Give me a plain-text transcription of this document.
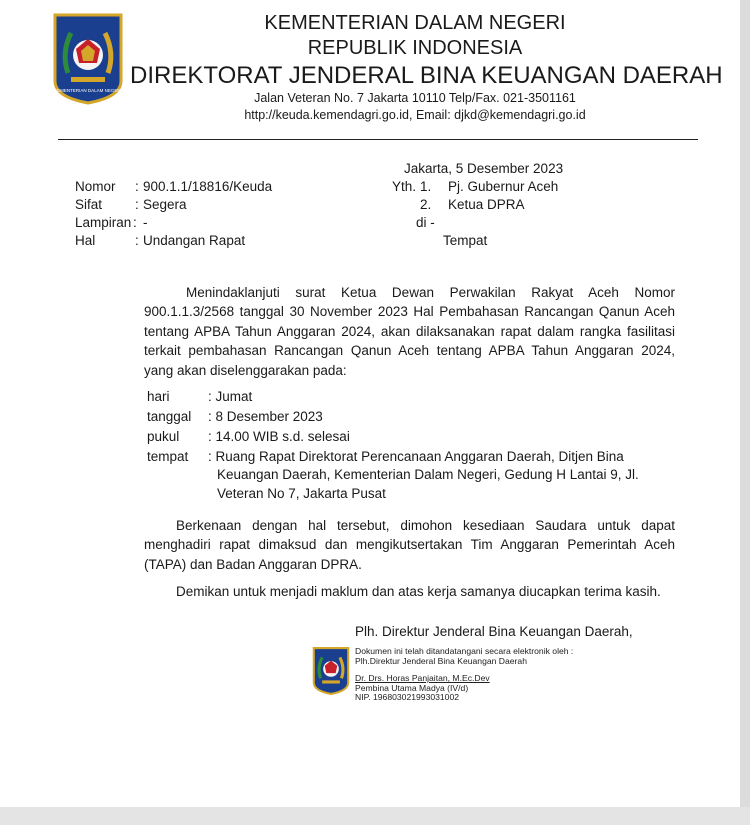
KEMENTERIAN DALAM NEGERI
KEMENTERIAN DALAM NEGERI
REPUBLIK INDONESIA
DIREKTORAT JENDERAL BINA KEUANGAN DAERAH
Jalan Veteran No. 7 Jakarta 10110 Telp/Fax. 021-3501161
http://keuda.kemendagri.go.id, Email: djkd@kemendagri.go.id
Jakarta, 5 Desember 2023
Nomor : 900.1.1/18816/Keuda
Sifat : Segera
Lampiran : -
Hal	: Undangan Rapat
Yth. 1. Pj. Gubernur Aceh
2. Ketua DPRA
di -
Tempat
Menindaklanjuti surat Ketua Dewan Perwakilan Rakyat Aceh Nomor
900.1.1.3/2568 tanggal 30 November 2023 Hal Pembahasan Rancangan Qanun Aceh
tentang APBA Tahun Anggaran 2024, akan dilaksanakan rapat dalam rangka fasilitasi
terkait pembahasan Rancangan Qanun Aceh tentang APBA Tahun Anggaran 2024,
yang akan diselenggarakan pada:
hari	: Jumat
tanggal : 8 Desember 2023
pukul : 14.00 WIB s.d. selesai
tempat : Ruang Rapat Direktorat Perencanaan Anggaran Daerah, Ditjen Bina
Keuangan Daerah, Kementerian Dalam Negeri, Gedung H Lantai 9, Jl.
Veteran No 7, Jakarta Pusat
Berkenaan dengan hal tersebut, dimohon kesediaan Saudara untuk dapat
menghadiri rapat dimaksud dan mengikutsertakan Tim Anggaran Pemerintah Aceh
(TAPA) dan Badan Anggaran DPRA.
Demikan untuk menjadi maklum dan atas kerja samanya diucapkan terima kasih.
Plh. Direktur Jenderal Bina Keuangan Daerah,
Dokumen ini telah ditandatangani secara elektronik oleh :
Plh.Direktur Jenderal Bina Keuangan Daerah
Dr. Drs. Horas Panjaitan, M.Ec.Dev
Pembina Utama Madya (IV/d)
NIP. 196803021993031002
